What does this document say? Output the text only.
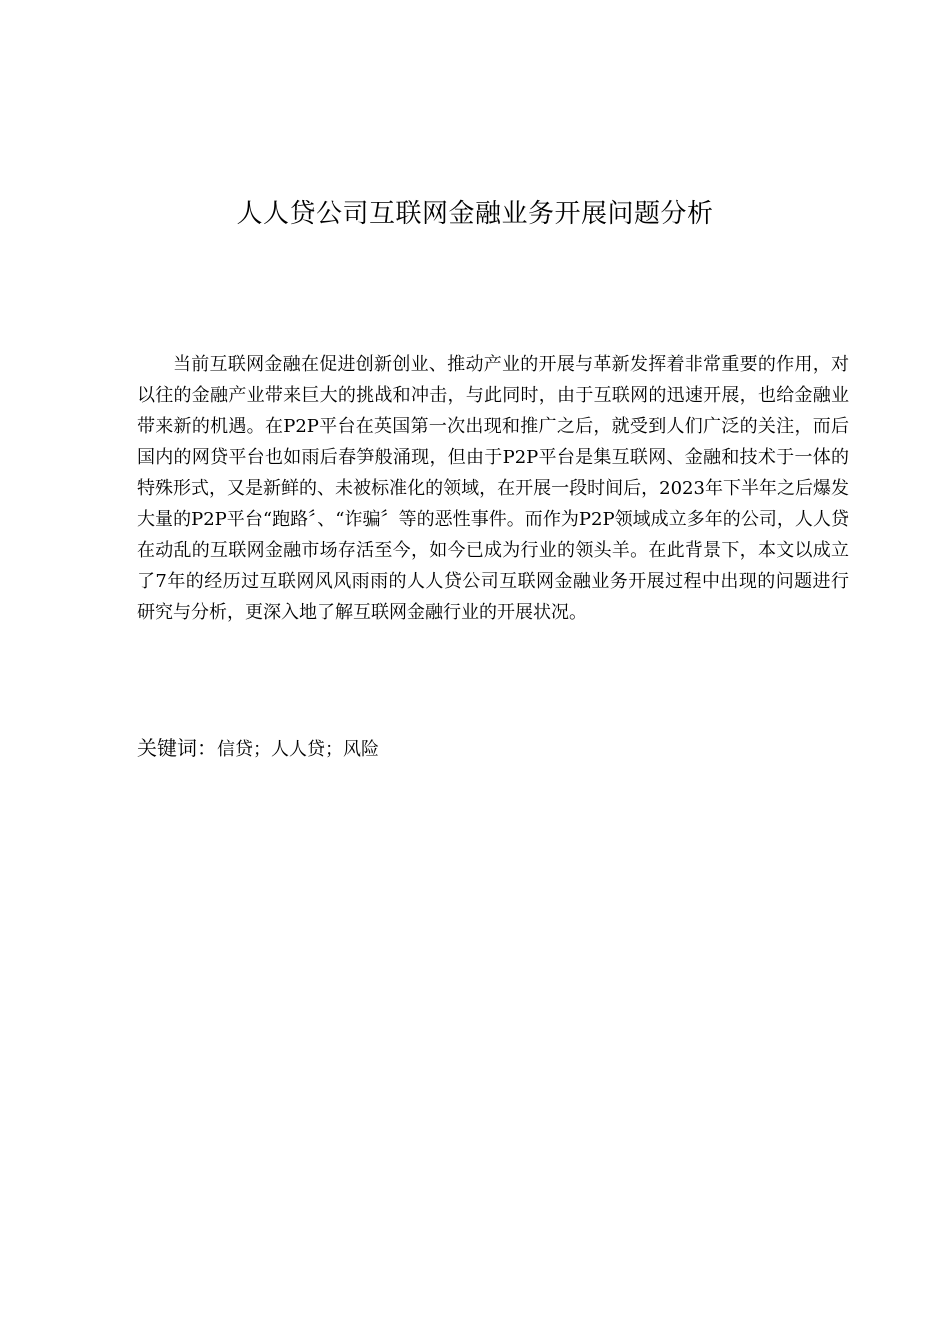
人人贷公司互联网金融业务开展问题分析

当前互联网金融在促进创新创业、推动产业的开展与革新发挥着非常重要的作用，对以往的金融产业带来巨大的挑战和冲击，与此同时，由于互联网的迅速开展，也给金融业带来新的机遇。在P2P平台在英国第一次出现和推广之后，就受到人们广泛的关注，而后国内的网贷平台也如雨后春笋般涌现，但由于P2P平台是集互联网、金融和技术于一体的特殊形式，又是新鲜的、未被标准化的领域，在开展一段时间后，2023年下半年之后爆发大量的P2P平台“跑路〞、“诈骗〞等的恶性事件。而作为P2P领域成立多年的公司，人人贷在动乱的互联网金融市场存活至今，如今已成为行业的领头羊。在此背景下，本文以成立了7年的经历过互联网风风雨雨的人人贷公司互联网金融业务开展过程中出现的问题进行研究与分析，更深入地了解互联网金融行业的开展状况。

关键词：信贷；人人贷；风险
